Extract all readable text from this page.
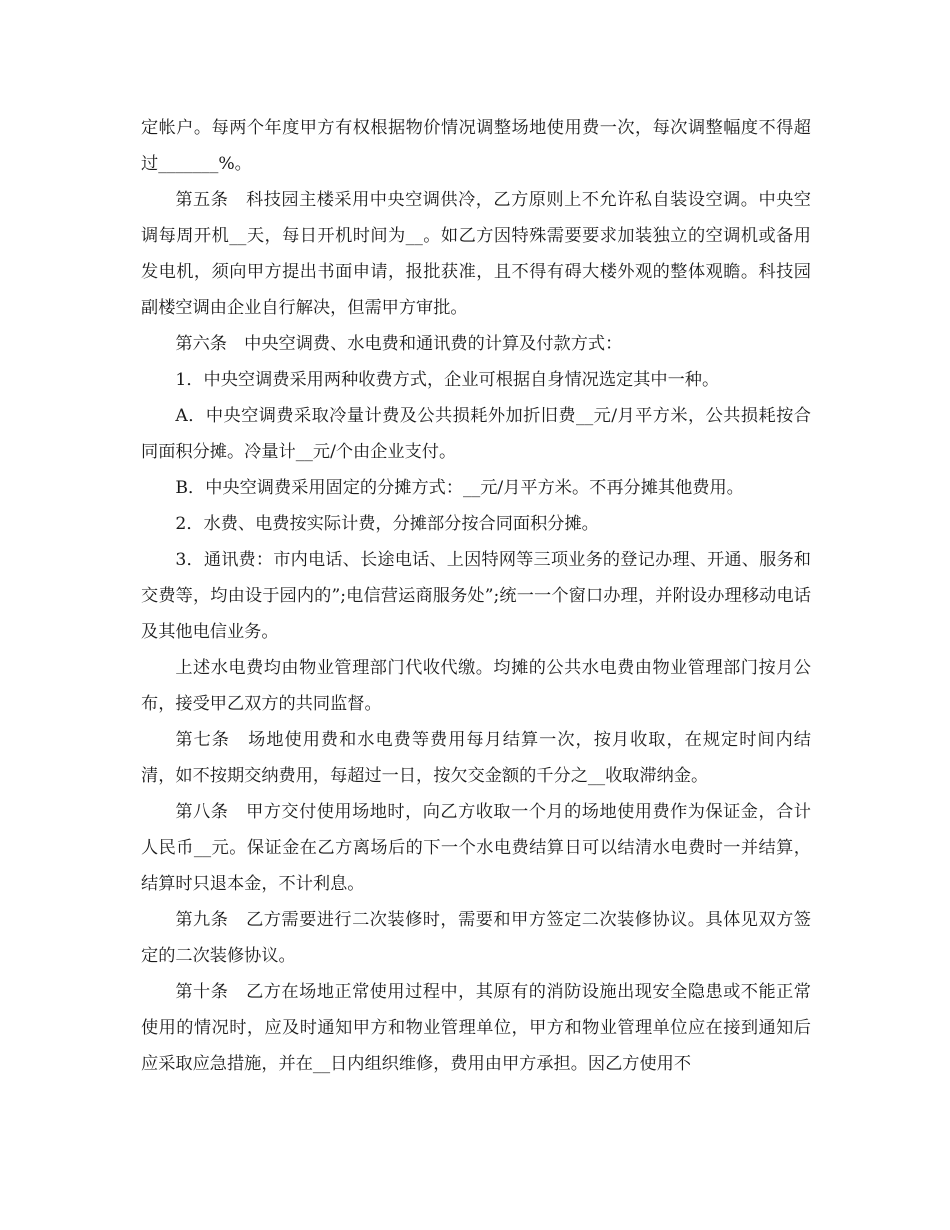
定帐户。每两个年度甲方有权根据物价情况调整场地使用费一次，每次调整幅度不得超过_______%。

第五条　科技园主楼采用中央空调供冷，乙方原则上不允许私自装设空调。中央空调每周开机__天，每日开机时间为__。如乙方因特殊需要要求加装独立的空调机或备用发电机，须向甲方提出书面申请，报批获准，且不得有碍大楼外观的整体观瞻。科技园副楼空调由企业自行解决，但需甲方审批。

第六条　中央空调费、水电费和通讯费的计算及付款方式：

1．中央空调费采用两种收费方式，企业可根据自身情况选定其中一种。

A．中央空调费采取冷量计费及公共损耗外加折旧费__元/月平方米，公共损耗按合同面积分摊。冷量计__元/个由企业支付。

B．中央空调费采用固定的分摊方式：__元/月平方米。不再分摊其他费用。

2．水费、电费按实际计费，分摊部分按合同面积分摊。

3．通讯费：市内电话、长途电话、上因特网等三项业务的登记办理、开通、服务和交费等，均由设于园内的”;电信营运商服务处”;统一一个窗口办理，并附设办理移动电话及其他电信业务。

上述水电费均由物业管理部门代收代缴。均摊的公共水电费由物业管理部门按月公布，接受甲乙双方的共同监督。

第七条　场地使用费和水电费等费用每月结算一次，按月收取，在规定时间内结清，如不按期交纳费用，每超过一日，按欠交金额的千分之__收取滞纳金。

第八条　甲方交付使用场地时，向乙方收取一个月的场地使用费作为保证金，合计人民币__元。保证金在乙方离场后的下一个水电费结算日可以结清水电费时一并结算，结算时只退本金，不计利息。

第九条　乙方需要进行二次装修时，需要和甲方签定二次装修协议。具体见双方签定的二次装修协议。

第十条　乙方在场地正常使用过程中，其原有的消防设施出现安全隐患或不能正常使用的情况时，应及时通知甲方和物业管理单位，甲方和物业管理单位应在接到通知后应采取应急措施，并在__日内组织维修，费用由甲方承担。因乙方使用不
